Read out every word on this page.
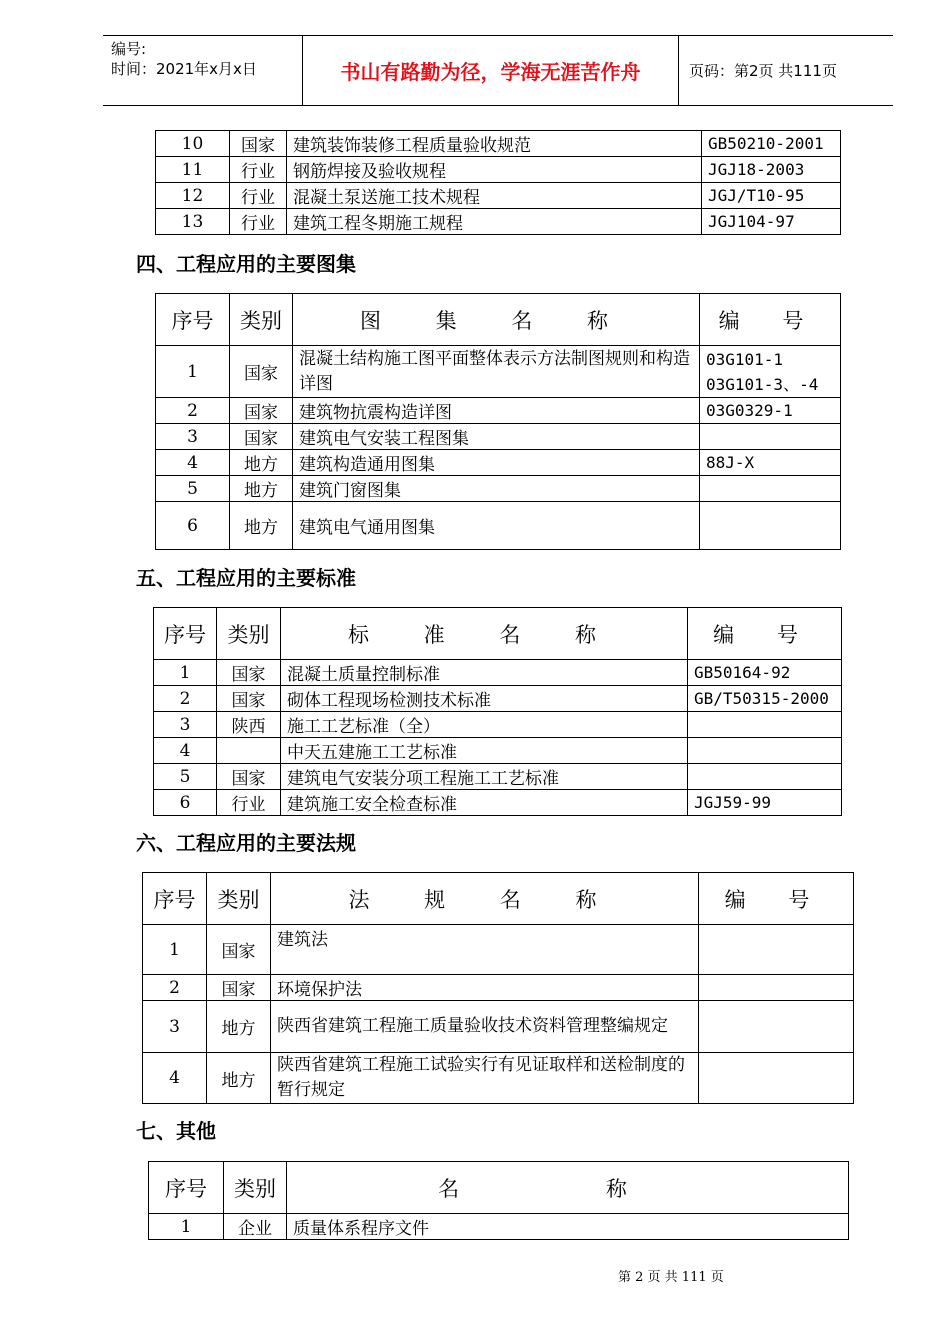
编号:
时间：2021年x月x日	书山有路勤为径，学海无涯苦作舟	页码：第2页 共111页
10	国家	建筑装饰装修工程质量验收规范	GB50210-2001
11	行业	钢筋焊接及验收规程	JGJ18-2003
12	行业	混凝土泵送施工技术规程	JGJ/T10-95
13	行业	建筑工程冬期施工规程	JGJ104-97
四、工程应用的主要图集
序号	类别	图 集 名 称	编 号
1	国家	混凝土结构施工图平面整体表示方法制图规则和构造详图	03G101-1
03G101-3、-4
2	国家	建筑物抗震构造详图	03G0329-1
3	国家	建筑电气安装工程图集	
4	地方	建筑构造通用图集	88J-X
5	地方	建筑门窗图集	
6	地方	建筑电气通用图集	
五、工程应用的主要标准
序号	类别	标 准 名 称	编 号
1	国家	混凝土质量控制标准	GB50164-92
2	国家	砌体工程现场检测技术标准	GB/T50315-2000
3	陕西	施工工艺标准（全）	
4		中天五建施工工艺标准	
5	国家	建筑电气安装分项工程施工工艺标准	
6	行业	建筑施工安全检查标准	JGJ59-99
六、工程应用的主要法规
序号	类别	法 规 名 称	编 号
1	国家	建筑法	
2	国家	环境保护法	
3	地方	陕西省建筑工程施工质量验收技术资料管理整编规定	
4	地方	陕西省建筑工程施工试验实行有见证取样和送检制度的暂行规定	
七、其他
序号	类别	名 称
1	企业	质量体系程序文件
第 2 页 共 111 页
